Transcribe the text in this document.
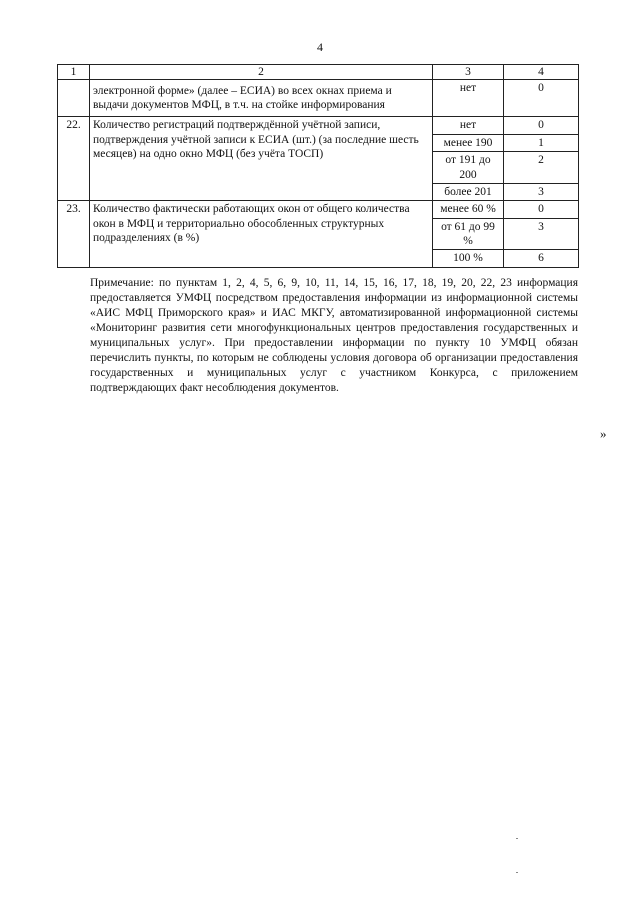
4
1	2	3	4
	электронной форме» (далее – ЕСИА) во всех окнах приема и выдачи документов МФЦ, в т.ч. на стойке информирования	нет	0
22.	Количество регистраций подтверждённой учётной записи, подтверждения учётной записи к ЕСИА (шт.) (за последние шесть месяцев) на одно окно МФЦ (без учёта ТОСП)	нет	0
		менее 190	1
		от 191 до 200	2
		более 201	3
23.	Количество фактически работающих окон от общего количества окон в МФЦ и территориально обособленных структурных подразделениях (в %)	менее 60 %	0
		от 61 до 99 %	3
		100 %	6
Примечание: по пунктам 1, 2, 4, 5, 6, 9, 10, 11, 14, 15, 16, 17, 18, 19, 20, 22, 23 информация предоставляется УМФЦ посредством предоставления информации из информационной системы «АИС МФЦ Приморского края» и ИАС МКГУ, автоматизированной информационной системы «Мониторинг развития сети многофункциональных центров предоставления государственных и муниципальных услуг». При предоставлении информации по пункту 10 УМФЦ обязан перечислить пункты, по которым не соблюдены условия договора об организации предоставления государственных и муниципальных услуг с участником Конкурса, с приложением подтверждающих факт несоблюдения документов.
»
